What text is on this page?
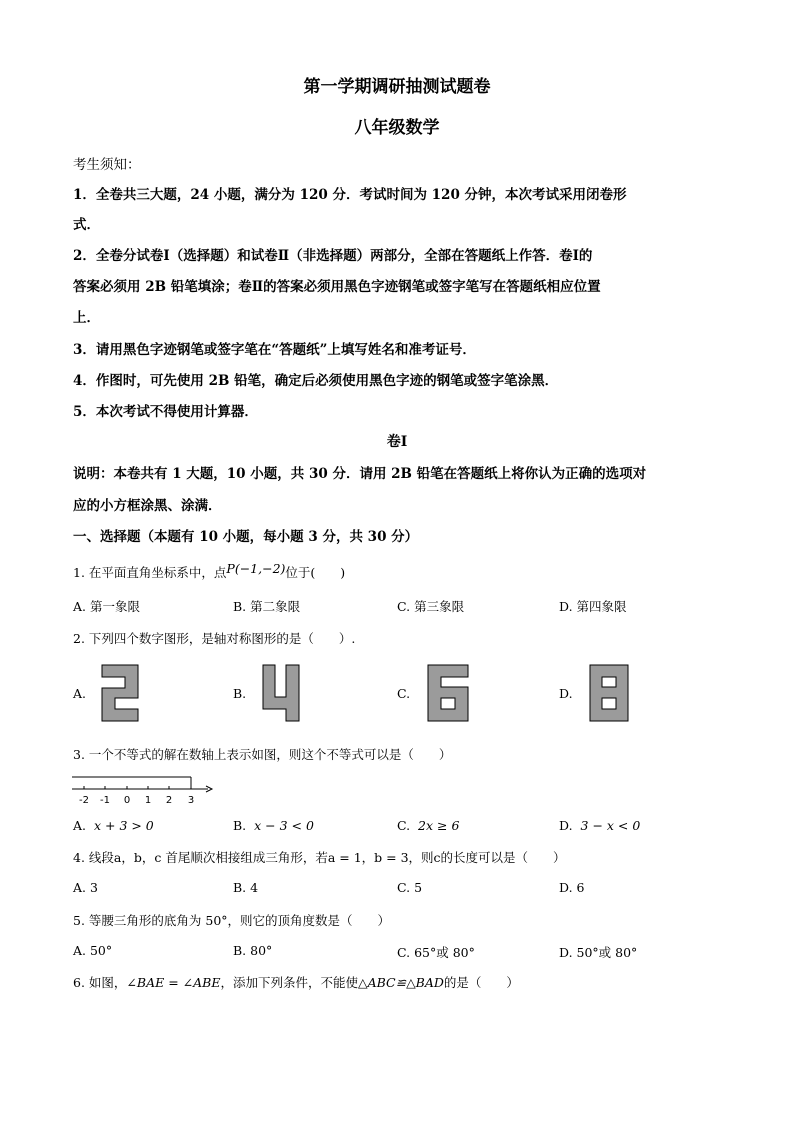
第一学期调研抽测试题卷
八年级数学
考生须知：
1．全卷共三大题，24 小题，满分为 120 分．考试时间为 120 分钟，本次考试采用闭卷形
式．
2．全卷分试卷Ⅰ（选择题）和试卷Ⅱ（非选择题）两部分，全部在答题纸上作答．卷Ⅰ的
答案必须用 2B 铅笔填涂；卷Ⅱ的答案必须用黑色字迹钢笔或签字笔写在答题纸相应位置
上．
3．请用黑色字迹钢笔或签字笔在“答题纸”上填写姓名和准考证号．
4．作图时，可先使用 2B 铅笔，确定后必须使用黑色字迹的钢笔或签字笔涂黑．
5．本次考试不得使用计算器．
卷Ⅰ
说明：本卷共有 1 大题，10 小题，共 30 分．请用 2B 铅笔在答题纸上将你认为正确的选项对
应的小方框涂黑、涂满．
一、选择题（本题有 10 小题，每小题 3 分，共 30 分）
1. 在平面直角坐标系中，点P(−1,−2)位于(　　)
A. 第一象限	B. 第二象限	C. 第三象限	D. 第四象限
2. 下列四个数字图形，是轴对称图形的是（　　）.
A.	B.	C.	D.
3. 一个不等式的解在数轴上表示如图，则这个不等式可以是（　　）
-2 -1 0 1 2 3
A. x + 3 > 0	B. x − 3 < 0	C. 2x ≥ 6	D. 3 − x < 0
4. 线段a，b，c 首尾顺次相接组成三角形，若a = 1，b = 3，则c的长度可以是（　　）
A. 3	B. 4	C. 5	D. 6
5. 等腰三角形的底角为 50°，则它的顶角度数是（　　）
A. 50°	B. 80°	C. 65°或 80°	D. 50°或 80°
6. 如图，∠BAE = ∠ABE，添加下列条件，不能使△ABC≌△BAD的是（　　）
